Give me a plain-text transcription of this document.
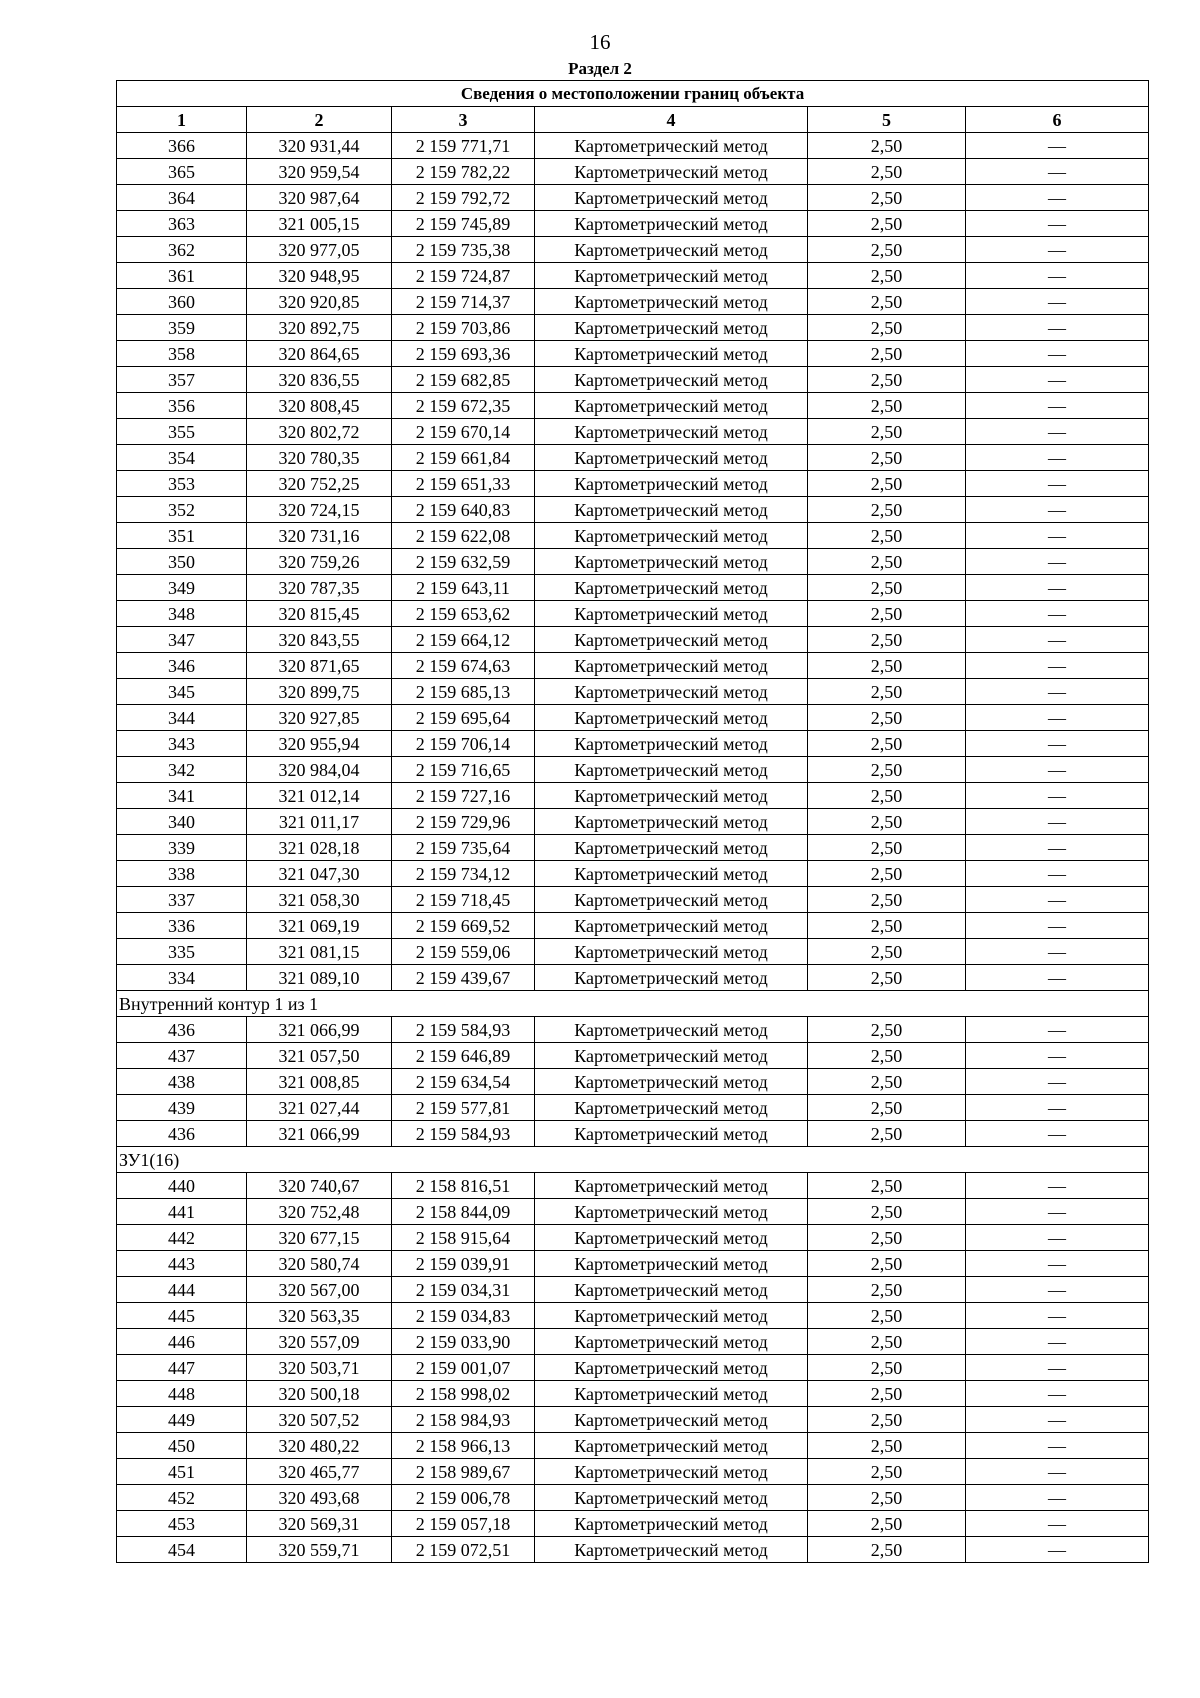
16
Раздел 2
Сведения о местоположении границ объекта					
1	2	3	4	5	6
366	320 931,44	2 159 771,71	Картометрический метод	2,50	—
365	320 959,54	2 159 782,22	Картометрический метод	2,50	—
364	320 987,64	2 159 792,72	Картометрический метод	2,50	—
363	321 005,15	2 159 745,89	Картометрический метод	2,50	—
362	320 977,05	2 159 735,38	Картометрический метод	2,50	—
361	320 948,95	2 159 724,87	Картометрический метод	2,50	—
360	320 920,85	2 159 714,37	Картометрический метод	2,50	—
359	320 892,75	2 159 703,86	Картометрический метод	2,50	—
358	320 864,65	2 159 693,36	Картометрический метод	2,50	—
357	320 836,55	2 159 682,85	Картометрический метод	2,50	—
356	320 808,45	2 159 672,35	Картометрический метод	2,50	—
355	320 802,72	2 159 670,14	Картометрический метод	2,50	—
354	320 780,35	2 159 661,84	Картометрический метод	2,50	—
353	320 752,25	2 159 651,33	Картометрический метод	2,50	—
352	320 724,15	2 159 640,83	Картометрический метод	2,50	—
351	320 731,16	2 159 622,08	Картометрический метод	2,50	—
350	320 759,26	2 159 632,59	Картометрический метод	2,50	—
349	320 787,35	2 159 643,11	Картометрический метод	2,50	—
348	320 815,45	2 159 653,62	Картометрический метод	2,50	—
347	320 843,55	2 159 664,12	Картометрический метод	2,50	—
346	320 871,65	2 159 674,63	Картометрический метод	2,50	—
345	320 899,75	2 159 685,13	Картометрический метод	2,50	—
344	320 927,85	2 159 695,64	Картометрический метод	2,50	—
343	320 955,94	2 159 706,14	Картометрический метод	2,50	—
342	320 984,04	2 159 716,65	Картометрический метод	2,50	—
341	321 012,14	2 159 727,16	Картометрический метод	2,50	—
340	321 011,17	2 159 729,96	Картометрический метод	2,50	—
339	321 028,18	2 159 735,64	Картометрический метод	2,50	—
338	321 047,30	2 159 734,12	Картометрический метод	2,50	—
337	321 058,30	2 159 718,45	Картометрический метод	2,50	—
336	321 069,19	2 159 669,52	Картометрический метод	2,50	—
335	321 081,15	2 159 559,06	Картометрический метод	2,50	—
334	321 089,10	2 159 439,67	Картометрический метод	2,50	—
Внутренний контур 1 из 1					
436	321 066,99	2 159 584,93	Картометрический метод	2,50	—
437	321 057,50	2 159 646,89	Картометрический метод	2,50	—
438	321 008,85	2 159 634,54	Картометрический метод	2,50	—
439	321 027,44	2 159 577,81	Картометрический метод	2,50	—
436	321 066,99	2 159 584,93	Картометрический метод	2,50	—
ЗУ1(16)					
440	320 740,67	2 158 816,51	Картометрический метод	2,50	—
441	320 752,48	2 158 844,09	Картометрический метод	2,50	—
442	320 677,15	2 158 915,64	Картометрический метод	2,50	—
443	320 580,74	2 159 039,91	Картометрический метод	2,50	—
444	320 567,00	2 159 034,31	Картометрический метод	2,50	—
445	320 563,35	2 159 034,83	Картометрический метод	2,50	—
446	320 557,09	2 159 033,90	Картометрический метод	2,50	—
447	320 503,71	2 159 001,07	Картометрический метод	2,50	—
448	320 500,18	2 158 998,02	Картометрический метод	2,50	—
449	320 507,52	2 158 984,93	Картометрический метод	2,50	—
450	320 480,22	2 158 966,13	Картометрический метод	2,50	—
451	320 465,77	2 158 989,67	Картометрический метод	2,50	—
452	320 493,68	2 159 006,78	Картометрический метод	2,50	—
453	320 569,31	2 159 057,18	Картометрический метод	2,50	—
454	320 559,71	2 159 072,51	Картометрический метод	2,50	—
